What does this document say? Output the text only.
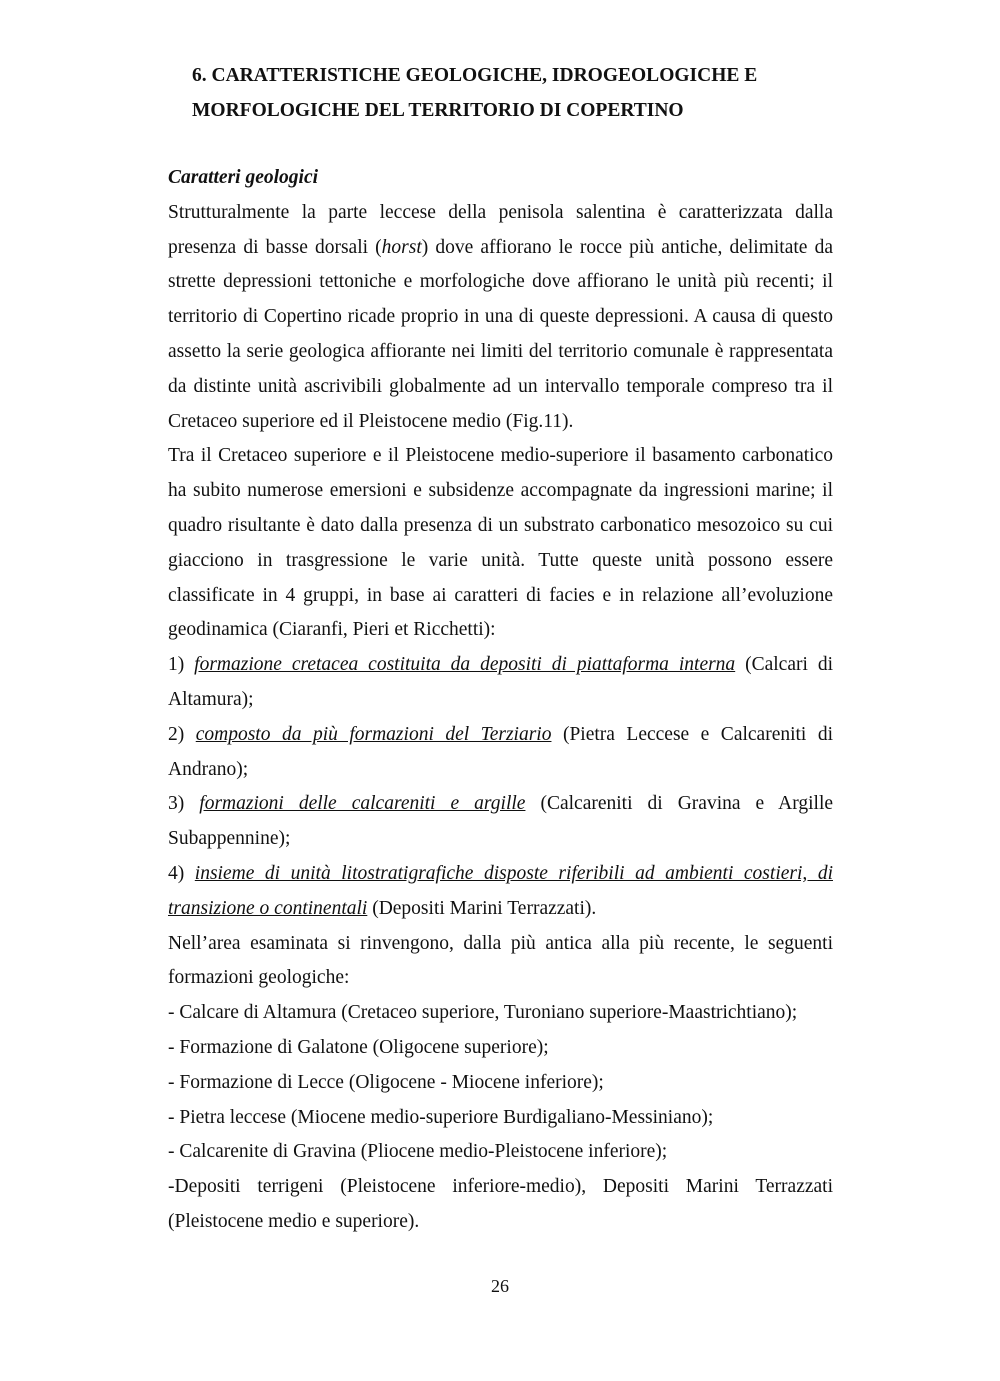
6. CARATTERISTICHE GEOLOGICHE, IDROGEOLOGICHE E
MORFOLOGICHE DEL TERRITORIO DI COPERTINO

Caratteri geologici

Strutturalmente la parte leccese della penisola salentina è caratterizzata dalla presenza di basse dorsali (horst) dove affiorano le rocce più antiche, delimitate da strette depressioni tettoniche e morfologiche dove affiorano le unità più recenti; il territorio di Copertino ricade proprio in una di queste depressioni. A causa di questo assetto la serie geologica affiorante nei limiti del territorio comunale è rappresentata da distinte unità ascrivibili globalmente ad un intervallo temporale compreso tra il Cretaceo superiore ed il Pleistocene medio (Fig.11).

Tra il Cretaceo superiore e il Pleistocene medio-superiore il basamento carbonatico ha subito numerose emersioni e subsidenze accompagnate da ingressioni marine; il quadro risultante è dato dalla presenza di un substrato carbonatico mesozoico su cui giacciono in trasgressione le varie unità. Tutte queste unità possono essere classificate in 4 gruppi, in base ai caratteri di facies e in relazione all’evoluzione geodinamica (Ciaranfi, Pieri et Ricchetti):

1) formazione cretacea costituita da depositi di piattaforma interna (Calcari di Altamura);

2) composto da più formazioni del Terziario (Pietra Leccese e Calcareniti di Andrano);

3) formazioni delle calcareniti e argille (Calcareniti di Gravina e Argille Subappennine);

4) insieme di unità litostratigrafiche disposte riferibili ad ambienti costieri, di transizione o continentali (Depositi Marini Terrazzati).

Nell’area esaminata si rinvengono, dalla più antica alla più recente, le seguenti formazioni geologiche:

- Calcare di Altamura (Cretaceo superiore, Turoniano superiore-Maastrichtiano);

- Formazione di Galatone (Oligocene superiore);

- Formazione di Lecce (Oligocene - Miocene inferiore);

- Pietra leccese (Miocene medio-superiore Burdigaliano-Messiniano);

- Calcarenite di Gravina (Pliocene medio-Pleistocene inferiore);

-Depositi terrigeni (Pleistocene inferiore-medio), Depositi Marini Terrazzati (Pleistocene medio e superiore).

26
